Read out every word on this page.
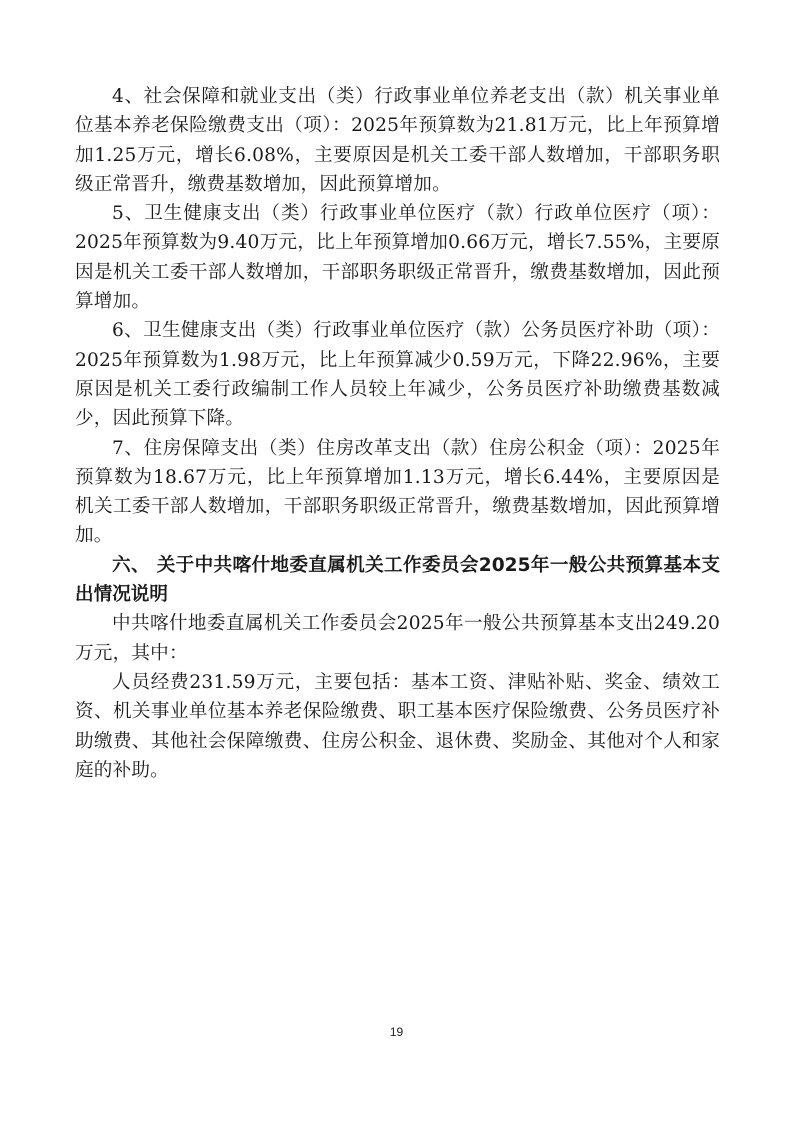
4、社会保障和就业支出（类）行政事业单位养老支出（款）机关事业单位基本养老保险缴费支出（项）：2025年预算数为21.81万元，比上年预算增加1.25万元，增长6.08%，主要原因是机关工委干部人数增加，干部职务职级正常晋升，缴费基数增加，因此预算增加。

5、卫生健康支出（类）行政事业单位医疗（款）行政单位医疗（项）：2025年预算数为9.40万元，比上年预算增加0.66万元，增长7.55%，主要原因是机关工委干部人数增加，干部职务职级正常晋升，缴费基数增加，因此预算增加。

6、卫生健康支出（类）行政事业单位医疗（款）公务员医疗补助（项）：2025年预算数为1.98万元，比上年预算减少0.59万元，下降22.96%，主要原因是机关工委行政编制工作人员较上年减少，公务员医疗补助缴费基数减少，因此预算下降。

7、住房保障支出（类）住房改革支出（款）住房公积金（项）：2025年预算数为18.67万元，比上年预算增加1.13万元，增长6.44%，主要原因是机关工委干部人数增加，干部职务职级正常晋升，缴费基数增加，因此预算增加。

六、 关于中共喀什地委直属机关工作委员会2025年一般公共预算基本支出情况说明

中共喀什地委直属机关工作委员会2025年一般公共预算基本支出249.20万元，其中：

人员经费231.59万元，主要包括：基本工资、津贴补贴、奖金、绩效工资、机关事业单位基本养老保险缴费、职工基本医疗保险缴费、公务员医疗补助缴费、其他社会保障缴费、住房公积金、退休费、奖励金、其他对个人和家庭的补助。

19
